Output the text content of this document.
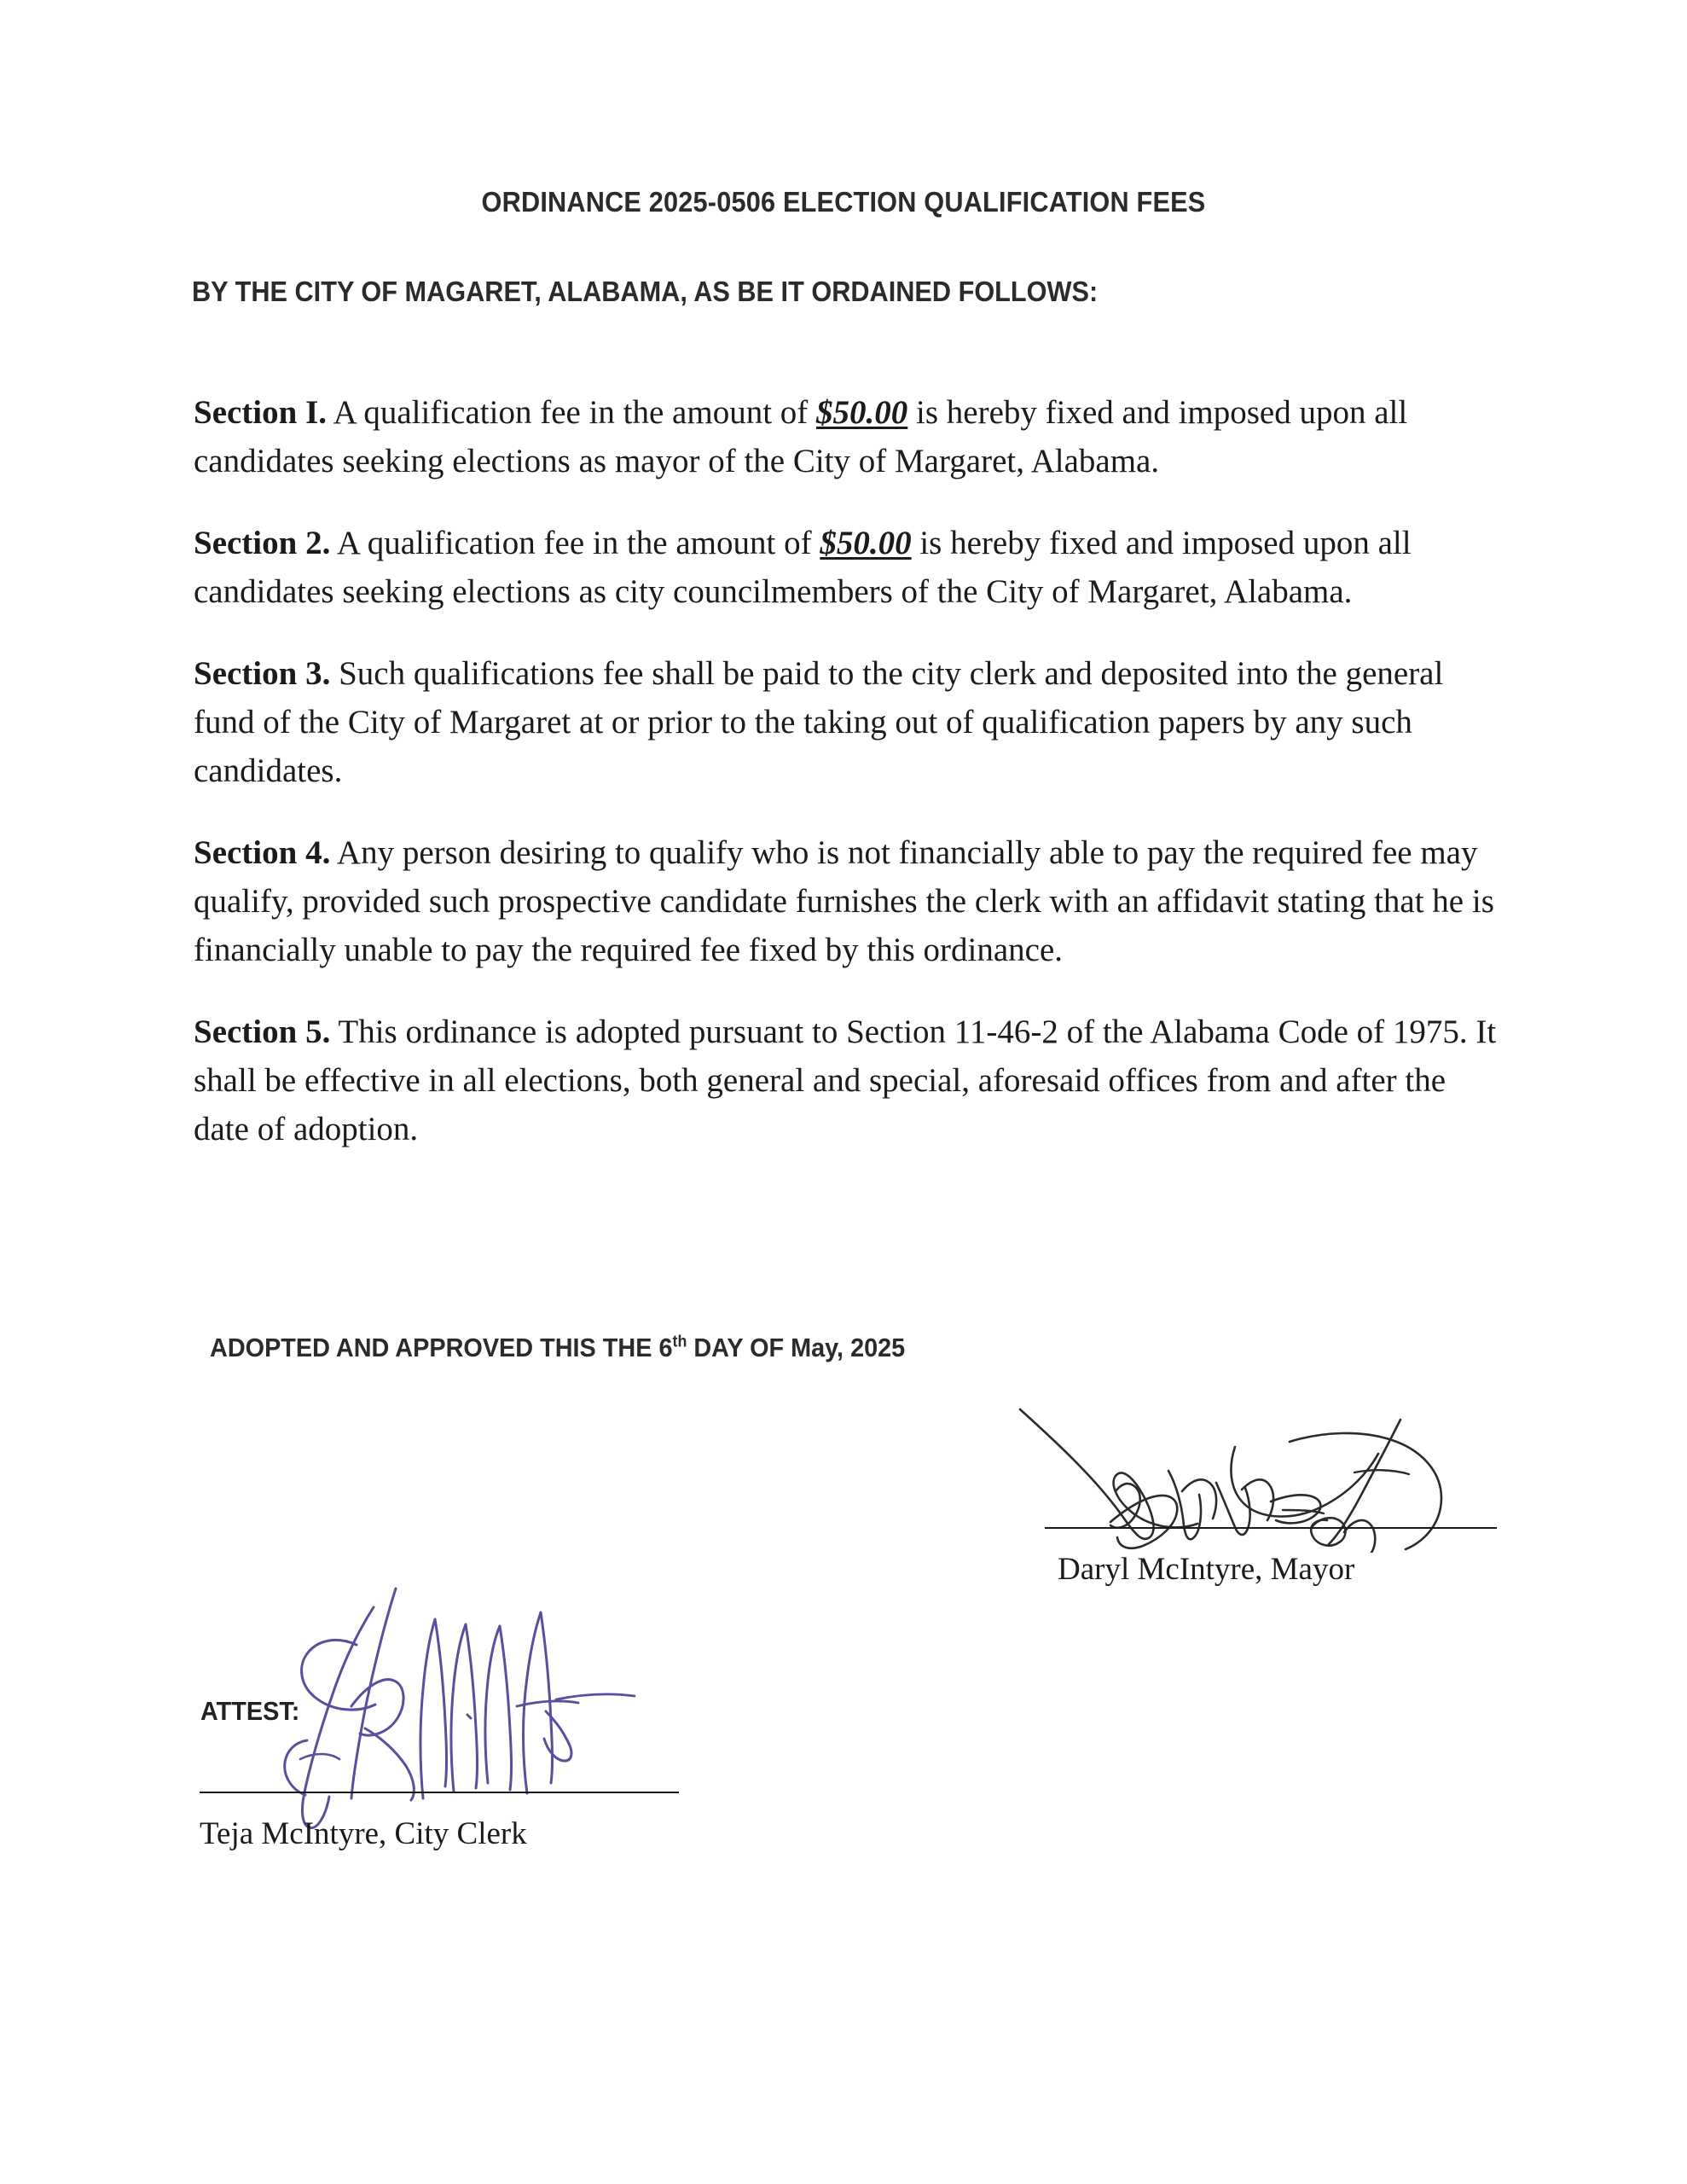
ORDINANCE 2025-0506 ELECTION QUALIFICATION FEES
BY THE CITY OF MAGARET, ALABAMA, AS BE IT ORDAINED FOLLOWS:

Section I. A qualification fee in the amount of $50.00 is hereby fixed and imposed upon all candidates seeking elections as mayor of the City of Margaret, Alabama.

Section 2. A qualification fee in the amount of $50.00 is hereby fixed and imposed upon all candidates seeking elections as city councilmembers of the City of Margaret, Alabama.

Section 3. Such qualifications fee shall be paid to the city clerk and deposited into the general fund of the City of Margaret at or prior to the taking out of qualification papers by any such candidates.

Section 4. Any person desiring to qualify who is not financially able to pay the required fee may qualify, provided such prospective candidate furnishes the clerk with an affidavit stating that he is financially unable to pay the required fee fixed by this ordinance.

Section 5. This ordinance is adopted pursuant to Section 11-46-2 of the Alabama Code of 1975. It shall be effective in all elections, both general and special, aforesaid offices from and after the date of adoption.

ADOPTED AND APPROVED THIS THE 6th DAY OF May, 2025
Daryl McIntyre, Mayor
ATTEST:
Teja McIntyre, City Clerk
